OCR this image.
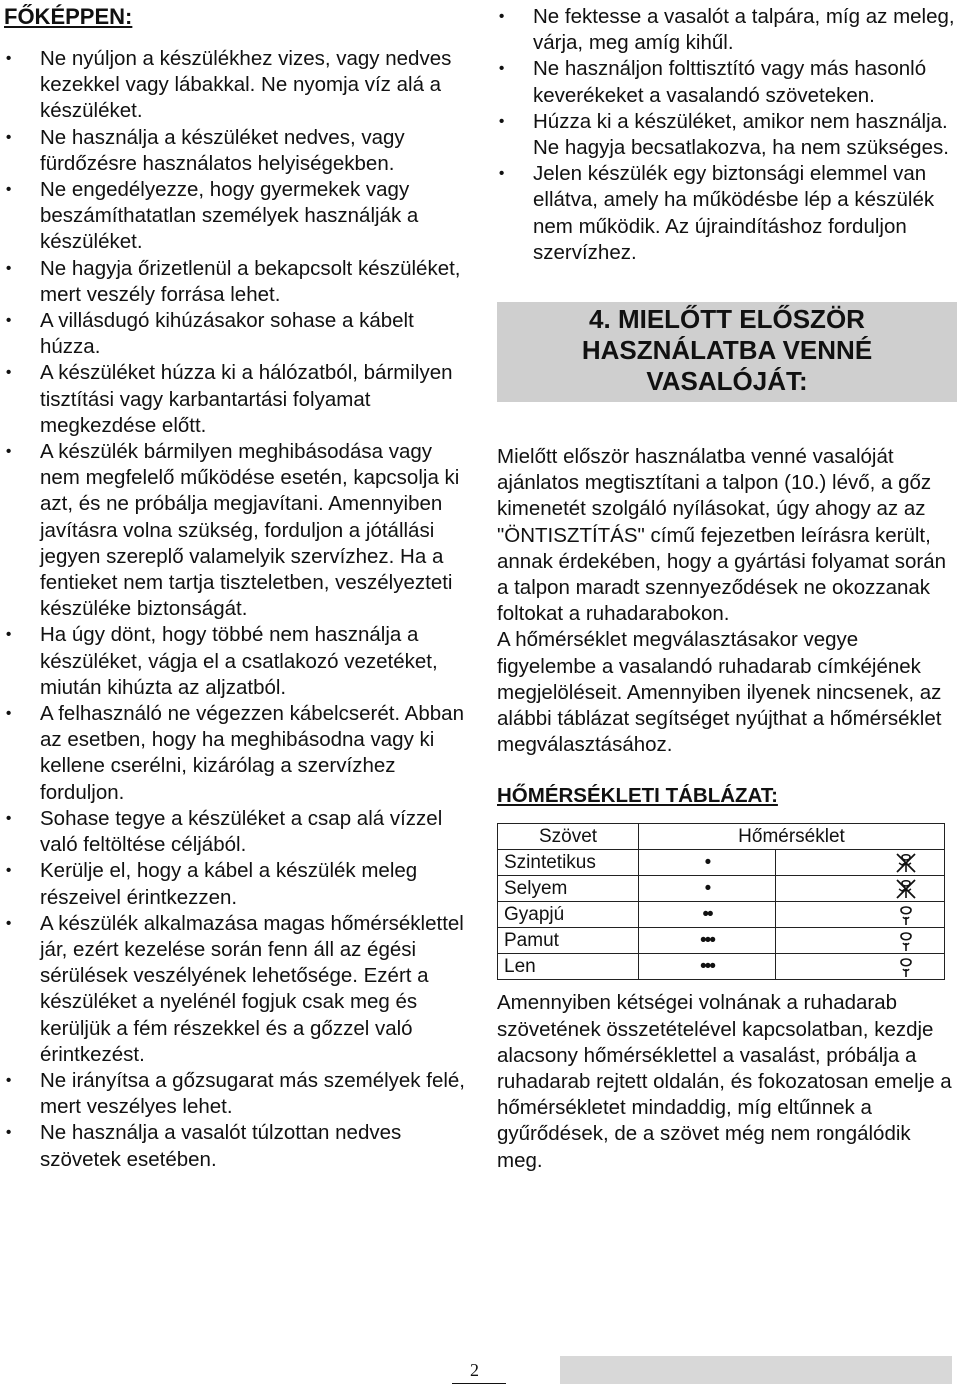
FŐKÉPPEN:
• Ne nyúljon a készülékhez vizes, vagy nedves kezekkel vagy lábakkal. Ne nyomja víz alá a készüléket.
• Ne használja a készüléket nedves, vagy fürdőzésre használatos helyiségekben.
• Ne engedélyezze, hogy gyermekek vagy beszámíthatatlan személyek használják a készüléket.
• Ne hagyja őrizetlenül a bekapcsolt készüléket, mert veszély forrása lehet.
• A villásdugó kihúzásakor sohase a kábelt húzza.
• A készüléket húzza ki a hálózatból, bármilyen tisztítási vagy karbantartási folyamat megkezdése előtt.
• A készülék bármilyen meghibásodása vagy nem megfelelő működése esetén, kapcsolja ki azt, és ne próbálja megjavítani. Amennyiben javításra volna szükség, forduljon a jótállási jegyen szereplő valamelyik szervízhez. Ha a fentieket nem tartja tiszteletben, veszélyezteti készüléke biztonságát.
• Ha úgy dönt, hogy többé nem használja a készüléket, vágja el a csatlakozó vezetéket, miután kihúzta az aljzatból.
• A felhasználó ne végezzen kábelcserét. Abban az esetben, hogy ha meghibásodna vagy ki kellene cserélni, kizárólag a szervízhez forduljon.
• Sohase tegye a készüléket a csap alá vízzel való feltöltése céljából.
• Kerülje el, hogy a kábel a készülék meleg részeivel érintkezzen.
• A készülék alkalmazása magas hőmérséklettel jár, ezért kezelése során fenn áll az égési sérülések veszélyének lehetősége. Ezért a készüléket a nyelénél fogjuk csak meg és kerüljük a fém részekkel és a gőzzel való érintkezést.
• Ne irányítsa a gőzsugarat más személyek felé, mert veszélyes lehet.
• Ne használja a vasalót túlzottan nedves szövetek esetében.
• Ne fektesse a vasalót a talpára, míg az meleg, várja, meg amíg kihűl.
• Ne használjon folttisztító vagy más hasonló keverékeket a vasalandó szöveteken.
• Húzza ki a készüléket, amikor nem használja. Ne hagyja becsatlakozva, ha nem szükséges.
• Jelen készülék egy biztonsági elemmel van ellátva, amely ha működésbe lép a készülék nem működik. Az újraindításhoz forduljon szervízhez.
4. MIELŐTT ELŐSZÖR
HASZNÁLATBA VENNÉ
VASALÓJÁT:

Mielőtt először használatba venné vasalóját ajánlatos megtisztítani a talpon (10.) lévő, a gőz kimenetét szolgáló nyílásokat, úgy ahogy az az "ÖNTISZTÍTÁS" című fejezetben leírásra került, annak érdekében, hogy a gyártási folyamat során a talpon maradt szennyeződések ne okozzanak foltokat a ruhadarabokon.

A hőmérséklet megválasztásakor vegye figyelembe a vasalandó ruhadarab címkéjének megjelöléseit. Amennyiben ilyenek nincsenek, az alábbi táblázat segítséget nyújthat a hőmérséklet megválasztásához.

HŐMÉRSÉKLETI TÁBLÁZAT:
Szövet	Hőmérséklet	
Szintetikus	•	
Selyem	•	
Gyapjú	••	
Pamut	•••	
Len	•••	

Amennyiben kétségei volnának a ruhadarab szövetének összetételével kapcsolatban, kezdje alacsony hőmérséklettel a vasalást, próbálja a ruhadarab rejtett oldalán, és fokozatosan emelje a hőmérsékletet mindaddig, míg eltűnnek a gyűrődések, de a szövet még nem rongálódik meg.

2
